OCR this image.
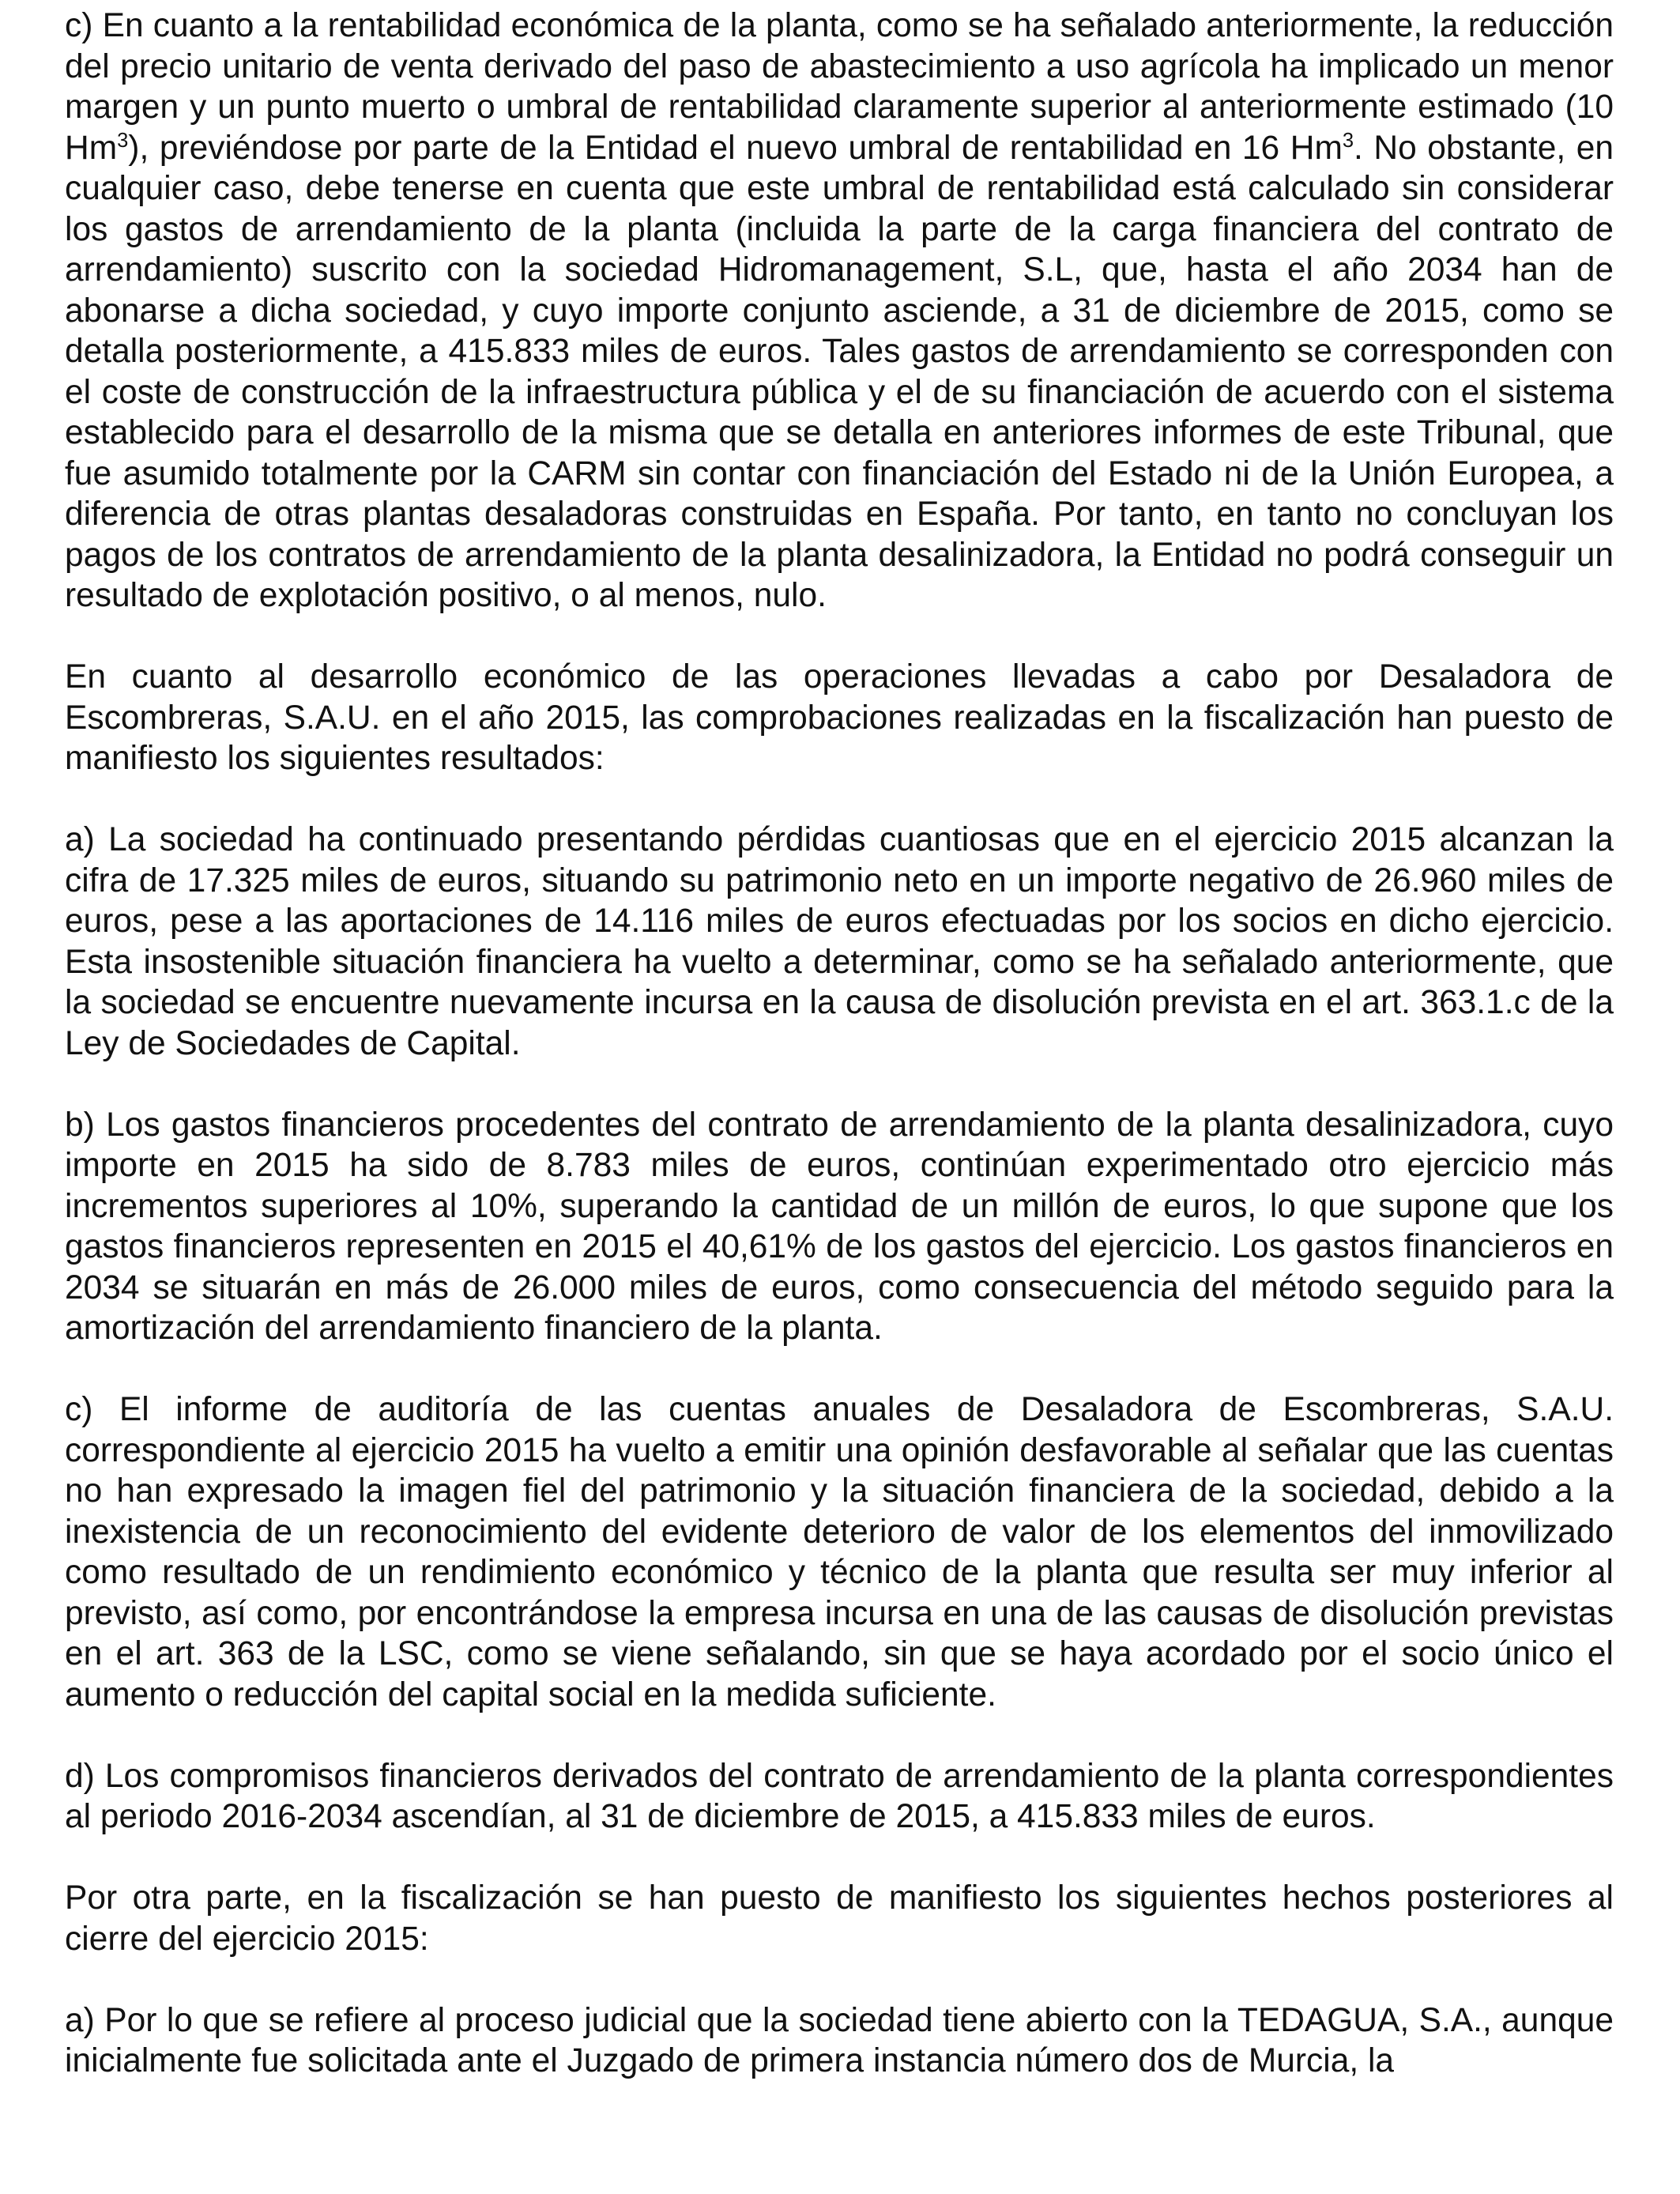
c) En cuanto a la rentabilidad económica de la planta, como se ha señalado anteriormente, la reducción del precio unitario de venta derivado del paso de abastecimiento a uso agrícola ha implicado un menor margen y un punto muerto o umbral de rentabilidad claramente superior al anteriormente estimado (10 Hm$^3$), previéndose por parte de la Entidad el nuevo umbral de rentabilidad en 16 Hm$^3$. No obstante, en cualquier caso, debe tenerse en cuenta que este umbral de rentabilidad está calculado sin considerar los gastos de arrendamiento de la planta (incluida la parte de la carga financiera del contrato de arrendamiento) suscrito con la sociedad Hidromanagement, S.L, que, hasta el año 2034 han de abonarse a dicha sociedad, y cuyo importe conjunto asciende, a 31 de diciembre de 2015, como se detalla posteriormente, a 415.833 miles de euros. Tales gastos de arrendamiento se corresponden con el coste de construcción de la infraestructura pública y el de su financiación de acuerdo con el sistema establecido para el desarrollo de la misma que se detalla en anteriores informes de este Tribunal, que fue asumido totalmente por la CARM sin contar con financiación del Estado ni de la Unión Europea, a diferencia de otras plantas desaladoras construidas en España. Por tanto, en tanto no concluyan los pagos de los contratos de arrendamiento de la planta desalinizadora, la Entidad no podrá conseguir un resultado de explotación positivo, o al menos, nulo.

En cuanto al desarrollo económico de las operaciones llevadas a cabo por Desaladora de Escombreras, S.A.U. en el año 2015, las comprobaciones realizadas en la fiscalización han puesto de manifiesto los siguientes resultados:

a) La sociedad ha continuado presentando pérdidas cuantiosas que en el ejercicio 2015 alcanzan la cifra de 17.325 miles de euros, situando su patrimonio neto en un importe negativo de 26.960 miles de euros, pese a las aportaciones de 14.116 miles de euros efectuadas por los socios en dicho ejercicio. Esta insostenible situación financiera ha vuelto a determinar, como se ha señalado anteriormente, que la sociedad se encuentre nuevamente incursa en la causa de disolución prevista en el art. 363.1.c de la Ley de Sociedades de Capital.

b) Los gastos financieros procedentes del contrato de arrendamiento de la planta desalinizadora, cuyo importe en 2015 ha sido de 8.783 miles de euros, continúan experimentado otro ejercicio más incrementos superiores al 10%, superando la cantidad de un millón de euros, lo que supone que los gastos financieros representen en 2015 el 40,61% de los gastos del ejercicio. Los gastos financieros en 2034 se situarán en más de 26.000 miles de euros, como consecuencia del método seguido para la amortización del arrendamiento financiero de la planta.

c) El informe de auditoría de las cuentas anuales de Desaladora de Escombreras, S.A.U. correspondiente al ejercicio 2015 ha vuelto a emitir una opinión desfavorable al señalar que las cuentas no han expresado la imagen fiel del patrimonio y la situación financiera de la sociedad, debido a la inexistencia de un reconocimiento del evidente deterioro de valor de los elementos del inmovilizado como resultado de un rendimiento económico y técnico de la planta que resulta ser muy inferior al previsto, así como, por encontrándose la empresa incursa en una de las causas de disolución previstas en el art. 363 de la LSC, como se viene señalando, sin que se haya acordado por el socio único el aumento o reducción del capital social en la medida suficiente.

d) Los compromisos financieros derivados del contrato de arrendamiento de la planta correspondientes al periodo 2016-2034 ascendían, al 31 de diciembre de 2015, a 415.833 miles de euros.

Por otra parte, en la fiscalización se han puesto de manifiesto los siguientes hechos posteriores al cierre del ejercicio 2015:

a) Por lo que se refiere al proceso judicial que la sociedad tiene abierto con la TEDAGUA, S.A., aunque inicialmente fue solicitada ante el Juzgado de primera instancia número dos de Murcia, la
